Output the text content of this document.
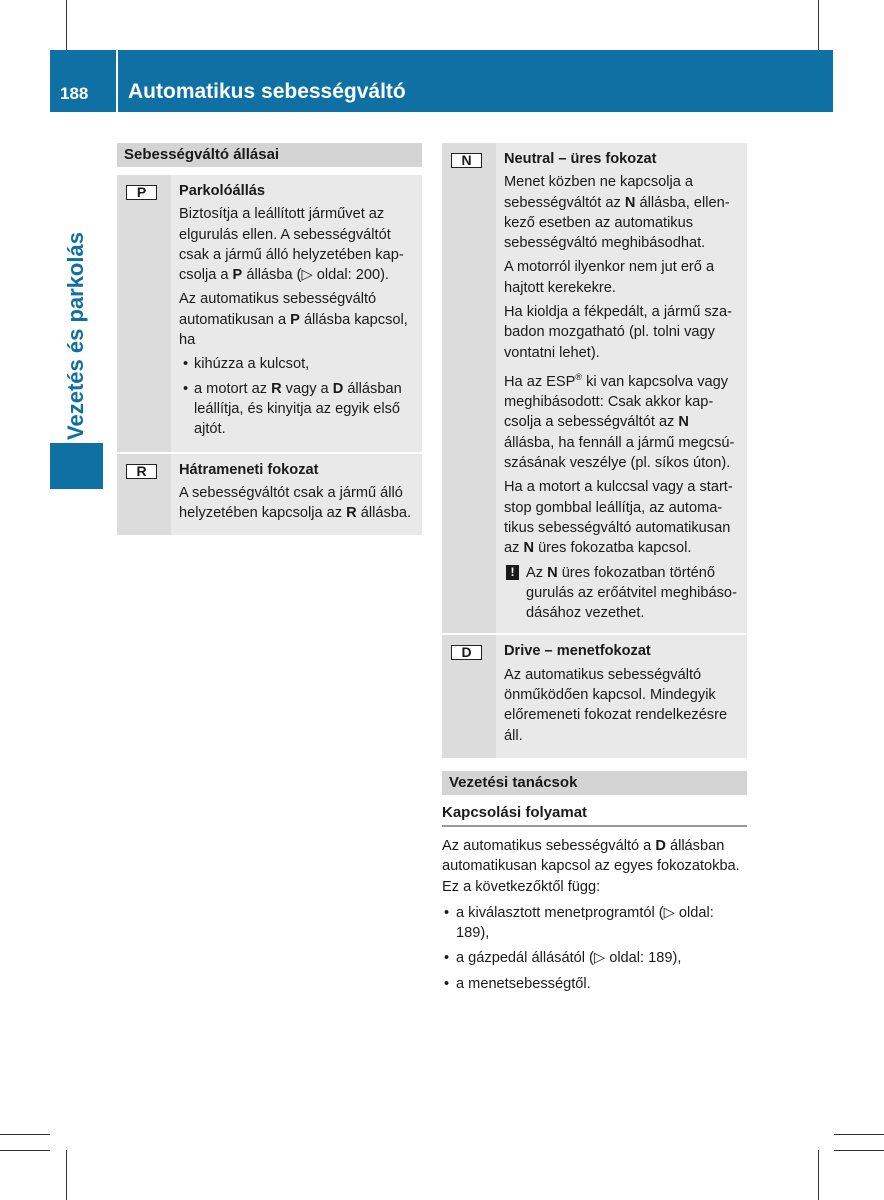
188 Automatikus sebességváltó
Vezetés és parkolás
Sebességváltó állásai
P	Parkolóállás
Biztosítja a leállított járművet az elgurulás ellen. A sebességváltót csak a jármű álló helyzetében kapcsolja a P állásba (▷ oldal: 200).
Az automatikus sebességváltó automatikusan a P állásba kapcsol, ha
• kihúzza a kulcsot,
• a motort az R vagy a D állásban leállítja, és kinyitja az egyik első ajtót.
R	Hátrameneti fokozat
A sebességváltót csak a jármű álló helyzetében kapcsolja az R állásba.
N	Neutral – üres fokozat
Menet közben ne kapcsolja a sebességváltót az N állásba, ellenkező esetben az automatikus sebességváltó meghibásodhat.
A motorról ilyenkor nem jut erő a hajtott kerekekre.
Ha kioldja a fékpedált, a jármű szabadon mozgatható (pl. tolni vagy vontatni lehet).
Ha az ESP® ki van kapcsolva vagy meghibásodott: Csak akkor kapcsolja a sebességváltót az N állásba, ha fennáll a jármű megcsúszásának veszélye (pl. síkos úton).
Ha a motort a kulccsal vagy a start-stop gombbal leállítja, az automatikus sebességváltó automatikusan az N üres fokozatba kapcsol.
! Az N üres fokozatban történő gurulás az erőátvitel meghibásodásához vezethet.
D	Drive – menetfokozat
Az automatikus sebességváltó önműködően kapcsol. Mindegyik előremeneti fokozat rendelkezésre áll.
Vezetési tanácsok
Kapcsolási folyamat
Az automatikus sebességváltó a D állásban automatikusan kapcsol az egyes fokozatokba. Ez a következőktől függ:
• a kiválasztott menetprogramtól (▷ oldal: 189),
• a gázpedál állásától (▷ oldal: 189),
• a menetsebességtől.
